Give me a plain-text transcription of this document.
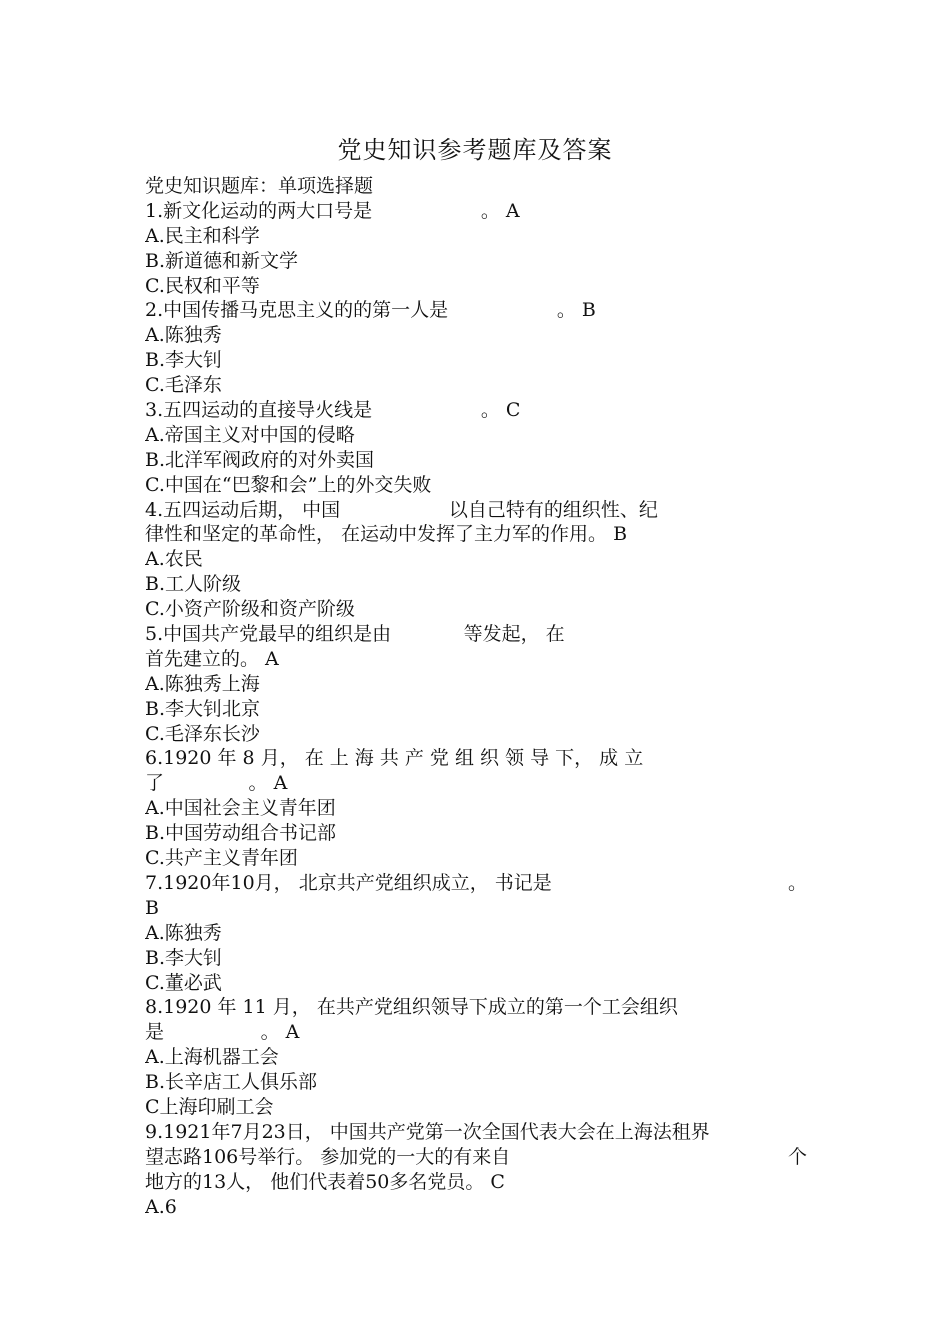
党史知识参考题库及答案
党史知识题库：单项选择题
1.新文化运动的两大口号是                  。 A
A.民主和科学
B.新道德和新文学
C.民权和平等
2.中国传播马克思主义的的第一人是                  。 B
A.陈独秀
B.李大钊
C.毛泽东
3.五四运动的直接导火线是                  。 C
A.帝国主义对中国的侵略
B.北洋军阀政府的对外卖国
C.中国在“巴黎和会”上的外交失败
4.五四运动后期， 中国                  以自己特有的组织性、纪
律性和坚定的革命性， 在运动中发挥了主力军的作用。 B
A.农民
B.工人阶级
C.小资产阶级和资产阶级
5.中国共产党最早的组织是由            等发起， 在
首先建立的。 A
A.陈独秀上海
B.李大钊北京
C.毛泽东长沙
6.1920 年 8 月， 在 上 海 共 产 党 组 织 领 导 下， 成 立
了              。 A
A.中国社会主义青年团
B.中国劳动组合书记部
C.共产主义青年团
7.1920年10月， 北京共产党组织成立， 书记是	。
B
A.陈独秀
B.李大钊
C.董必武
8.1920 年 11 月， 在共产党组织领导下成立的第一个工会组织
是                。 A
A.上海机器工会
B.长辛店工人俱乐部
C上海印刷工会
9.1921年7月23日， 中国共产党第一次全国代表大会在上海法租界
望志路106号举行。 参加党的一大的有来自	个
地方的13人， 他们代表着50多名党员。 C
A.6
